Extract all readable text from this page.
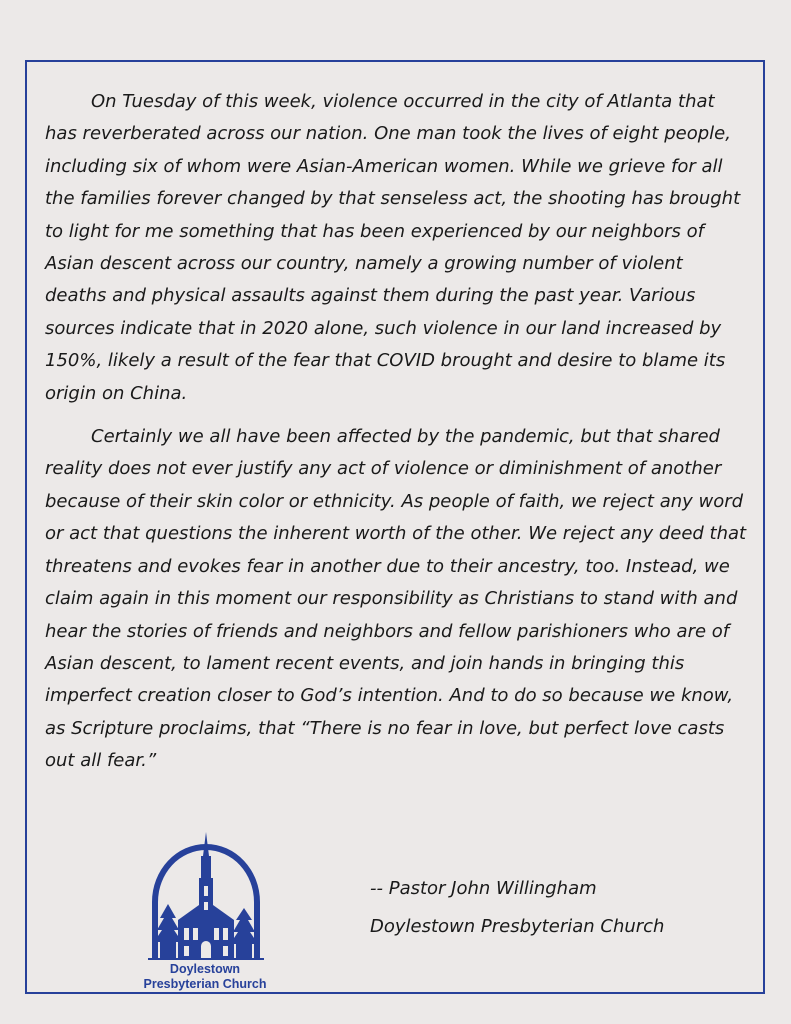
On Tuesday of this week, violence occurred in the city of Atlanta that has reverberated across our nation. One man took the lives of eight people, including six of whom were Asian-American women. While we grieve for all the families forever changed by that senseless act, the shooting has brought to light for me something that has been experienced by our neighbors of Asian descent across our country, namely a growing number of violent deaths and physical assaults against them during the past year. Various sources indicate that in 2020 alone, such violence in our land increased by 150%, likely a result of the fear that COVID brought and desire to blame its origin on China.

Certainly we all have been affected by the pandemic, but that shared reality does not ever justify any act of violence or diminishment of another because of their skin color or ethnicity. As people of faith, we reject any word or act that questions the inherent worth of the other. We reject any deed that threatens and evokes fear in another due to their ancestry, too. Instead, we claim again in this moment our responsibility as Christians to stand with and hear the stories of friends and neighbors and fellow parishioners who are of Asian descent, to lament recent events, and join hands in bringing this imperfect creation closer to God’s intention. And to do so because we know, as Scripture proclaims, that “There is no fear in love, but perfect love casts out all fear.”

Doylestown
Presbyterian Church
-- Pastor John Willingham
Doylestown Presbyterian Church
